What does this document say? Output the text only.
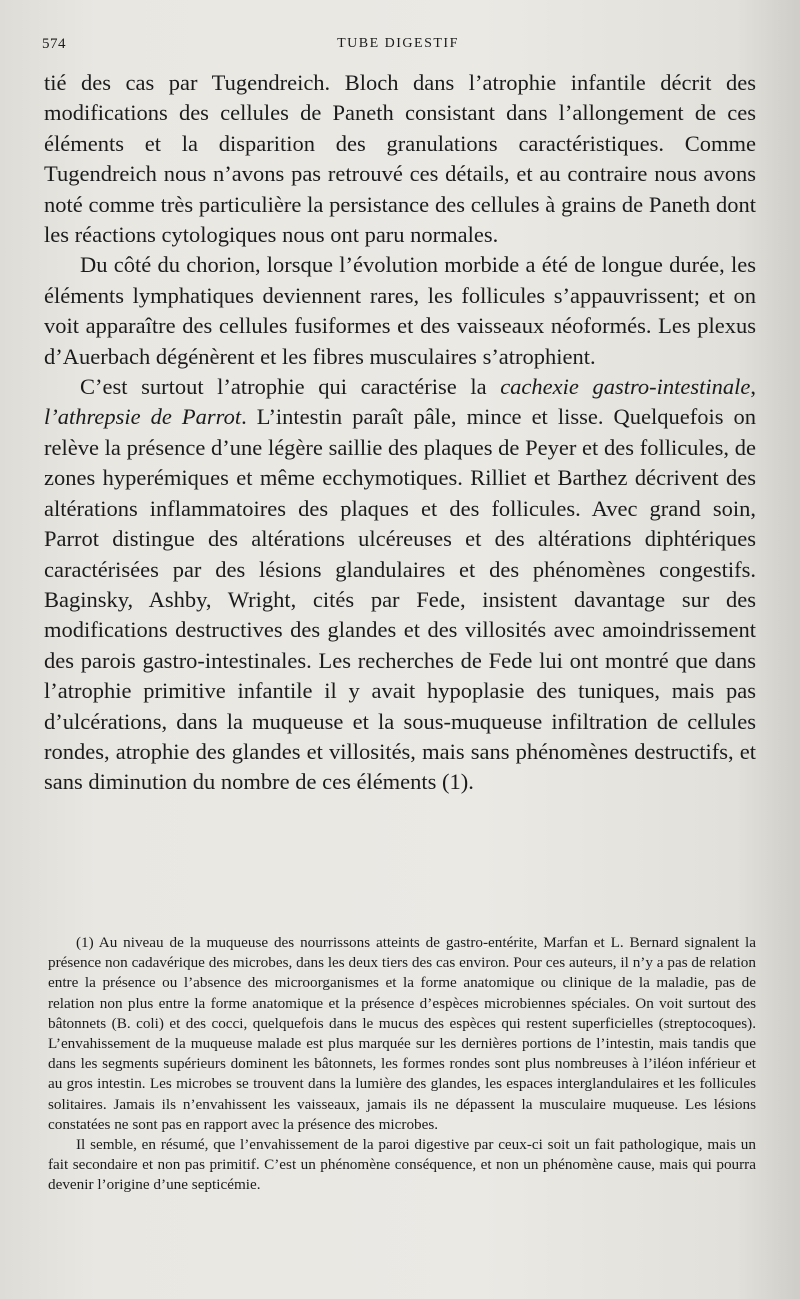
574	TUBE DIGESTIF

tié des cas par Tugendreich. Bloch dans l’atrophie infantile décrit des modifications des cellules de Paneth consistant dans l’allongement de ces éléments et la disparition des granulations caractéristiques. Comme Tugendreich nous n’avons pas retrouvé ces détails, et au contraire nous avons noté comme très particulière la persistance des cellules à grains de Paneth dont les réactions cytologiques nous ont paru normales.

Du côté du chorion, lorsque l’évolution morbide a été de longue durée, les éléments lymphatiques deviennent rares, les follicules s’appauvrissent; et on voit apparaître des cellules fusiformes et des vaisseaux néoformés. Les plexus d’Auerbach dégénèrent et les fibres musculaires s’atrophient.

C’est surtout l’atrophie qui caractérise la cachexie gastro-intestinale, l’athrepsie de Parrot. L’intestin paraît pâle, mince et lisse. Quelquefois on relève la présence d’une légère saillie des plaques de Peyer et des follicules, de zones hyperémiques et même ecchymotiques. Rilliet et Barthez décrivent des altérations inflammatoires des plaques et des follicules. Avec grand soin, Parrot distingue des altérations ulcéreuses et des altérations diphtériques caractérisées par des lésions glandulaires et des phénomènes congestifs. Baginsky, Ashby, Wright, cités par Fede, insistent davantage sur des modifications destructives des glandes et des villosités avec amoindrissement des parois gastro-intestinales. Les recherches de Fede lui ont montré que dans l’atrophie primitive infantile il y avait hypoplasie des tuniques, mais pas d’ulcérations, dans la muqueuse et la sous-muqueuse infiltration de cellules rondes, atrophie des glandes et villosités, mais sans phénomènes destructifs, et sans diminution du nombre de ces éléments (1).

(1) Au niveau de la muqueuse des nourrissons atteints de gastro-entérite, Marfan et L. Bernard signalent la présence non cadavérique des microbes, dans les deux tiers des cas environ. Pour ces auteurs, il n’y a pas de relation entre la présence ou l’absence des microorganismes et la forme anatomique ou clinique de la maladie, pas de relation non plus entre la forme anatomique et la présence d’espèces microbiennes spéciales. On voit surtout des bâtonnets (B. coli) et des cocci, quelquefois dans le mucus des espèces qui restent superficielles (streptocoques). L’envahissement de la muqueuse malade est plus marquée sur les dernières portions de l’intestin, mais tandis que dans les segments supérieurs dominent les bâtonnets, les formes rondes sont plus nombreuses à l’iléon inférieur et au gros intestin. Les microbes se trouvent dans la lumière des glandes, les espaces interglandulaires et les follicules solitaires. Jamais ils n’envahissent les vaisseaux, jamais ils ne dépassent la musculaire muqueuse. Les lésions constatées ne sont pas en rapport avec la présence des microbes.

Il semble, en résumé, que l’envahissement de la paroi digestive par ceux-ci soit un fait pathologique, mais un fait secondaire et non pas primitif. C’est un phénomène conséquence, et non un phénomène cause, mais qui pourra devenir l’origine d’une septicémie.
